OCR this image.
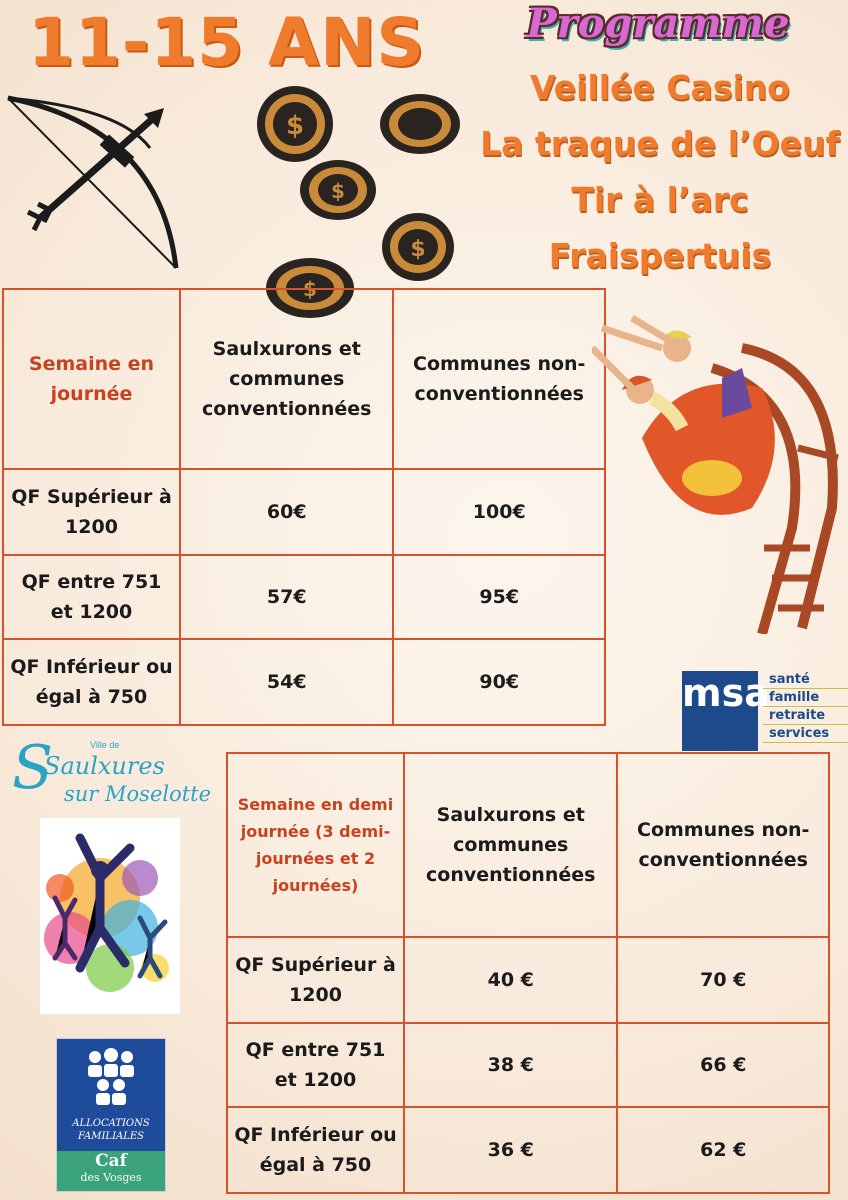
11-15 ANS	Programme
Veillée Casino
La traque de l’Oeuf
Tir à l’arc
Fraispertuis
$
$
$
$
Semaine en journée	Saulxurons et communes conventionnées	Communes non-conventionnées
QF Supérieur à 1200	60€	100€
QF entre 751 et 1200	57€	95€
QF Inférieur ou égal à 750	54€	90€	msa santé
famille
retraite
services
Ville de
S
Saulxures
sur Moselotte
ALLOCATIONS
FAMILIALES
Caf
des Vosges
Semaine en demi journée (3 demi-journées et 2 journées)	Saulxurons et communes conventionnées	Communes non-conventionnées
QF Supérieur à 1200	40 €	70 €
QF entre 751 et 1200	38 €	66 €
QF Inférieur ou égal à 750	36 €	62 €
